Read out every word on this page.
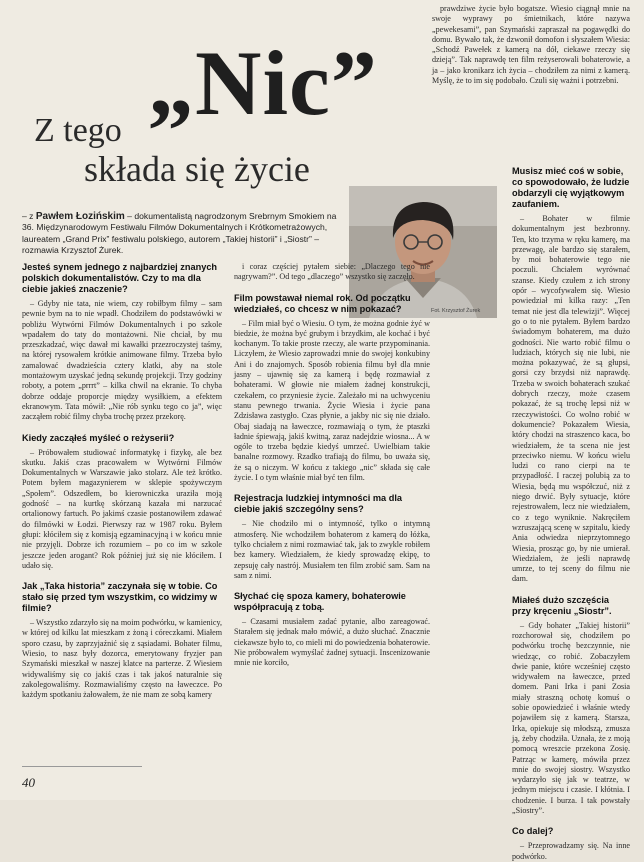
„Nic”
Z tego
składa się życie
– z Pawłem Łozińskim – dokumentalistą nagrodzonym Srebrnym Smokiem na 36. Międzynarodowym Festiwalu Filmów Dokumentalnych i Krótkometrażowych, laureatem „Grand Prix” festiwalu polskiego, autorem „Takiej historii” i „Siostr” – rozmawia Krzysztof Żurek.
Fot. Krzysztof Żurek
Jesteś synem jednego z najbardziej znanych polskich dokumentalistów. Czy to ma dla ciebie jakieś znaczenie?

– Gdyby nie tata, nie wiem, czy robiłbym filmy – sam pewnie bym na to nie wpadł. Chodziłem do podstawówki w pobliżu Wytwórni Filmów Dokumentalnych i po szkole wpadałem do taty do montażowni. Nie chciał, by mu przeszkadzać, więc dawał mi kawałki przezroczystej taśmy, na której rysowałem krótkie animowane filmy. Trzeba było zamalować dwadzieścia cztery klatki, aby na stole montażowym uzyskać jedną sekundę projekcji. Trzy godziny roboty, a potem „prrrt” – kilka chwil na ekranie. To chyba dobrze oddaje proporcje między wysiłkiem, a efektem ekranowym. Tata mówił: „Nie rób synku tego co ja”, więc zacząłem robić filmy chyba trochę przez przekorę.

Kiedy zacząłeś myśleć o reżyserii?

– Próbowałem studiować informatykę i fizykę, ale bez skutku. Jakiś czas pracowałem w Wytwórni Filmów Dokumentalnych w Warszawie jako stolarz. Ale też krótko. Potem byłem magazynierem w sklepie spożywczym „Społem”. Odszedłem, bo kierowniczka uraziła moją godność – na kurtkę skórzaną kazała mi narzucać ortalionowy fartuch. Po jakimś czasie postanowiłem zdawać do filmówki w Łodzi. Pierwszy raz w 1987 roku. Byłem głupi: kłóciłem się z komisją egzaminacyjną i w końcu mnie nie przyjęli. Dobrze ich rozumiem – po co im w szkole jeszcze jeden arogant? Rok później już się nie kłóciłem. I udało się.

Jak „Taka historia” zaczynała się w tobie. Co stało się przed tym wszystkim, co widzimy w filmie?

– Wszystko zdarzyło się na moim podwórku, w kamienicy, w której od kilku lat mieszkam z żoną i córeczkami. Miałem sporo czasu, by zaprzyjaźnić się z sąsiadami. Bohater filmu, Wiesio, to nasz były dozorca, emerytowany fryzjer pan Szymański mieszkał w naszej klatce na parterze. Z Wiesiem widywaliśmy się co jakiś czas i tak jakoś naturalnie się zakolegowaliśmy. Rozmawialiśmy często na ławeczce. Po każdym spotkaniu żałowałem, że nie mam ze sobą kamery

i coraz częściej pytałem siebie: „Dlaczego tego nie nagrywam?”. Od tego „dlaczego” wszystko się zaczęło.

Film powstawał niemal rok. Od początku wiedziałeś, co chcesz w nim pokazać?

– Film miał być o Wiesiu. O tym, że można godnie żyć w biedzie, że można być grubym i brzydkim, ale kochać i być kochanym. To takie proste rzeczy, ale warte przypominania. Liczyłem, że Wiesio zaprowadzi mnie do swojej konkubiny Ani i do znajomych. Sposób robienia filmu był dla mnie jasny – ujawnię się za kamerą i będę rozmawiał z bohaterami. W głowie nie miałem żadnej konstrukcji, czekałem, co przyniesie życie. Zależało mi na uchwyceniu stanu pewnego trwania. Życie Wiesia i życie pana Zdzisława zastygło. Czas płynie, a jakby nic się nie działo. Obaj siadają na ławeczce, rozmawiają o tym, że ptaszki ładnie śpiewają, jakiś kwitną, zaraz nadejdzie wiosna... A w ogóle to trzeba będzie kiedyś umrzeć. Uwielbiam takie banalne rozmowy. Rzadko trafiają do filmu, bo uważa się, że są o niczym. W końcu z takiego „nic” składa się całe życie. I o tym właśnie miał być ten film.

Rejestracja ludzkiej intymności ma dla ciebie jakiś szczególny sens?

– Nie chodziło mi o intymność, tylko o intymną atmosferę. Nie wchodziłem bohaterom z kamerą do łóżka, tylko chciałem z nimi rozmawiać tak, jak to zwykle robiłem bez kamery. Wiedziałem, że kiedy sprowadzę ekipę, to zepsuję cały nastrój. Musiałem ten film zrobić sam. Sam na sam z nimi.

Słychać cię spoza kamery, bohaterowie współpracują z tobą.

– Czasami musiałem zadać pytanie, albo zareagować. Starałem się jednak mało mówić, a dużo słuchać. Znacznie ciekawsze było to, co mieli mi do powiedzenia bohaterowie. Nie próbowałem wymyślać żadnej sytuacji. Inscenizowanie mnie nie korciło,

prawdziwe życie było bogatsze. Wiesio ciągnął mnie na swoje wyprawy po śmietnikach, które nazywa „pewekesami”, pan Szymański zapraszał na pogawędki do domu. Bywało tak, że dzwonił domofon i słyszałem Wiesia: „Schodź Pawełek z kamerą na dół, ciekawe rzeczy się dzieją”. Tak naprawdę ten film reżyserowali bohaterowie, a ja – jako kronikarz ich życia – chodziłem za nimi z kamerą. Myślę, że to im się podobało. Czuli się ważni i potrzebni.

Musisz mieć coś w sobie, co spowodowało, że ludzie obdarzyli cię wyjątkowym zaufaniem.

– Bohater w filmie dokumentalnym jest bezbronny. Ten, kto trzyma w ręku kamerę, ma przewagę, ale bardzo się starałem, by moi bohaterowie tego nie poczuli. Chciałem wyrównać szanse. Kiedy czułem z ich strony opór – wycofywałem się. Wiesio powiedział mi kilka razy: „Ten temat nie jest dla telewizji”. Więcej go o to nie pytałem. Byłem bardzo świadomym bohaterem, ma dużo godności. Nie warto robić filmu o ludziach, których się nie lubi, nie można pokazywać, że są głupsi, gorsi czy brzydsi niż naprawdę. Trzeba w swoich bohaterach szukać dobrych rzeczy, może czasem pokazać, że są trochę lepsi niż w rzeczywistości. Co wolno robić w dokumencie? Pokazałem Wiesia, który chodzi na straszenco kaca, bo wiedziałem, że ta scena nie jest przeciwko niemu. W końcu wielu ludzi co rano cierpi na te przypadłość. I raczej polubią za to Wiesia, będą mu współczuć, niż z niego drwić. Były sytuacje, które rejestrowałem, lecz nie wiedziałem, co z tego wyniknie. Nakręciłem wzruszającą scenę w szpitalu, kiedy Ania odwiedza nieprzytomnego Wiesia, prosząc go, by nie umierał. Wiedziałem, że jeśli naprawdę umrze, to tej sceny do filmu nie dam.

Miałeś dużo szczęścia przy kręceniu „Siostr”.

– Gdy bohater „Takiej historii” rozchorował się, chodziłem po podwórku trochę bezczynnie, nie wiedząc, co robić. Zobaczyłem dwie panie, które wcześniej często widywałem na ławeczce, przed domem. Pani Irka i pani Zosia miały straszną ochotę komuś o sobie opowiedzieć i właśnie wtedy pojawiłem się z kamerą. Starsza, Irka, opiekuje się młodszą, zmusza ją, żeby chodziła. Uznała, że z moją pomocą wreszcie przekona Zosię. Patrząc w kamerę, mówiła przez mnie do swojej siostry. Wszystko wydarzyło się jak w teatrze, w jednym miejscu i czasie. I kłótnia. I chodzenie. I burza. I tak powstały „Siostry”.

Co dalej?

– Przeprowadzamy się. Na inne podwórko.

40
